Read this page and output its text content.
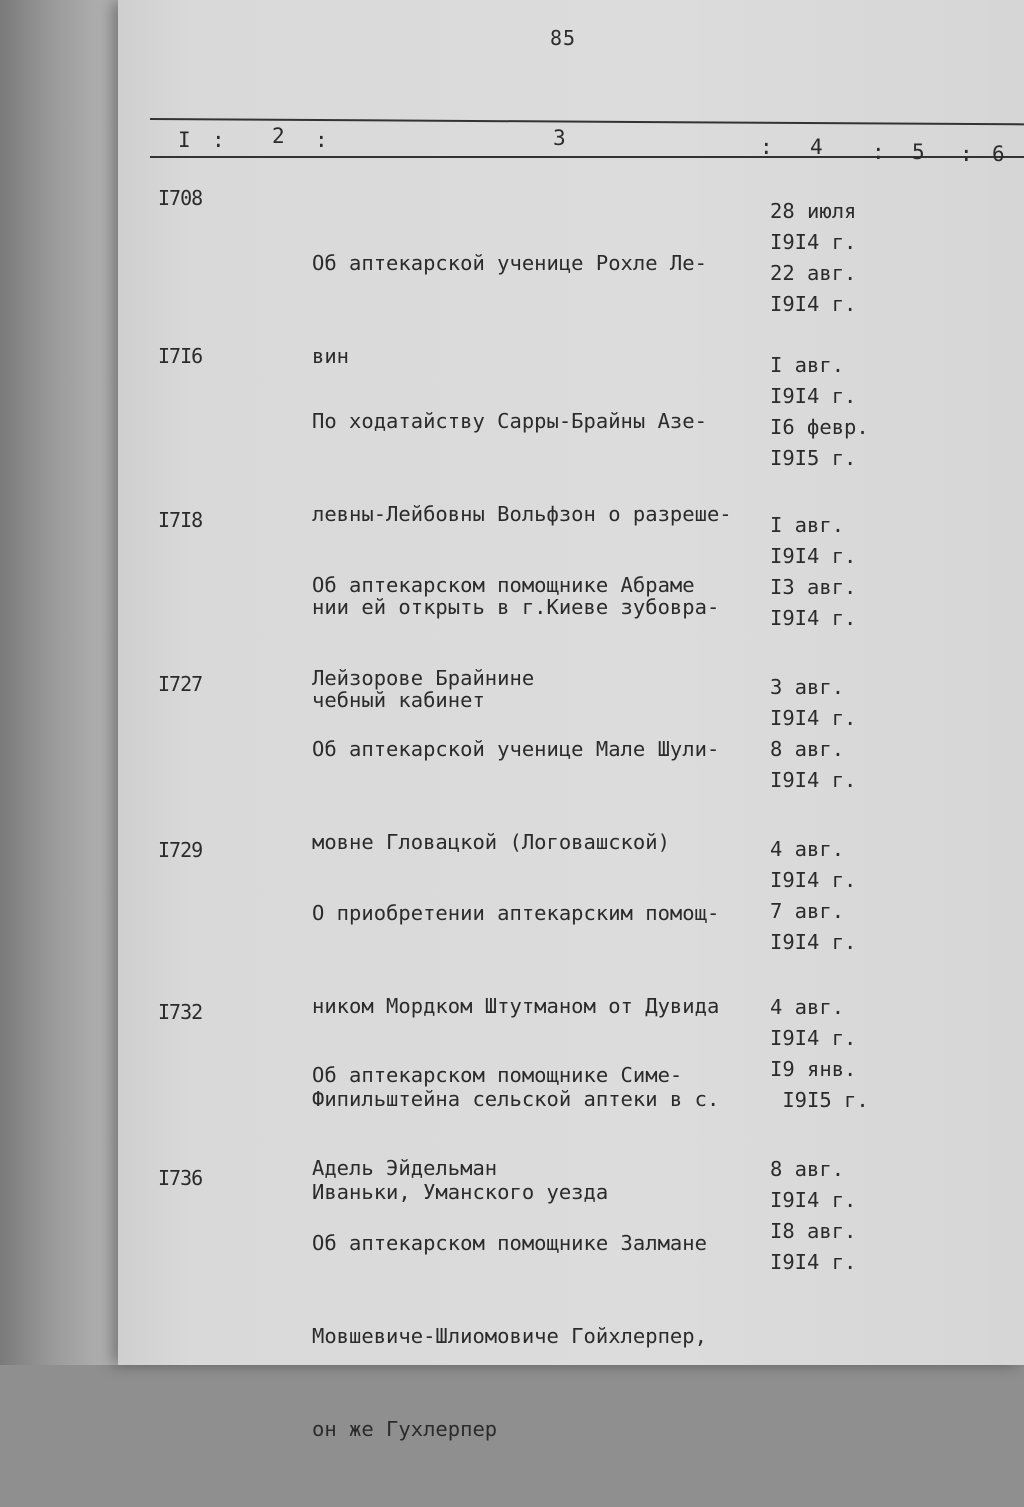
85
I : 2 :	3	: 4 : 5 : 6
I708

Об аптекарской ученице Рохле Ле-

вин

28 июля
I9I4 г.
22 авг.
I9I4 г.
I7I6

По ходатайству Сарры-Брайны Азе-

левны-Лейбовны Вольфзон о разреше-

нии ей открыть в г.Киеве зубовра-

чебный кабинет

I авг.
I9I4 г.
I6 февр.
I9I5 г.
I7I8

Об аптекарском помощнике Абраме

Лейзорове Брайнине

I авг.
I9I4 г.
I3 авг.
I9I4 г.
I727

Об аптекарской ученице Мале Шули-

мовне Гловацкой (Логовашской)

3 авг.
I9I4 г.
8 авг.
I9I4 г.
I729

О приобретении аптекарским помощ-

ником Мордком Штутманом от Дувида

Фипильштейна сельской аптеки в с.

Иваньки, Уманского уезда

4 авг.
I9I4 г.
7 авг.
I9I4 г.
I732

Об аптекарском помощнике Симе-

Адель Эйдельман

4 авг.
I9I4 г.
I9 янв.
I9I5 г.
I736

Об аптекарском помощнике Залмане

Мовшевиче-Шлиомовиче Гойхлерпер,

он же Гухлерпер

8 авг.
I9I4 г.
I8 авг.
I9I4 г.
